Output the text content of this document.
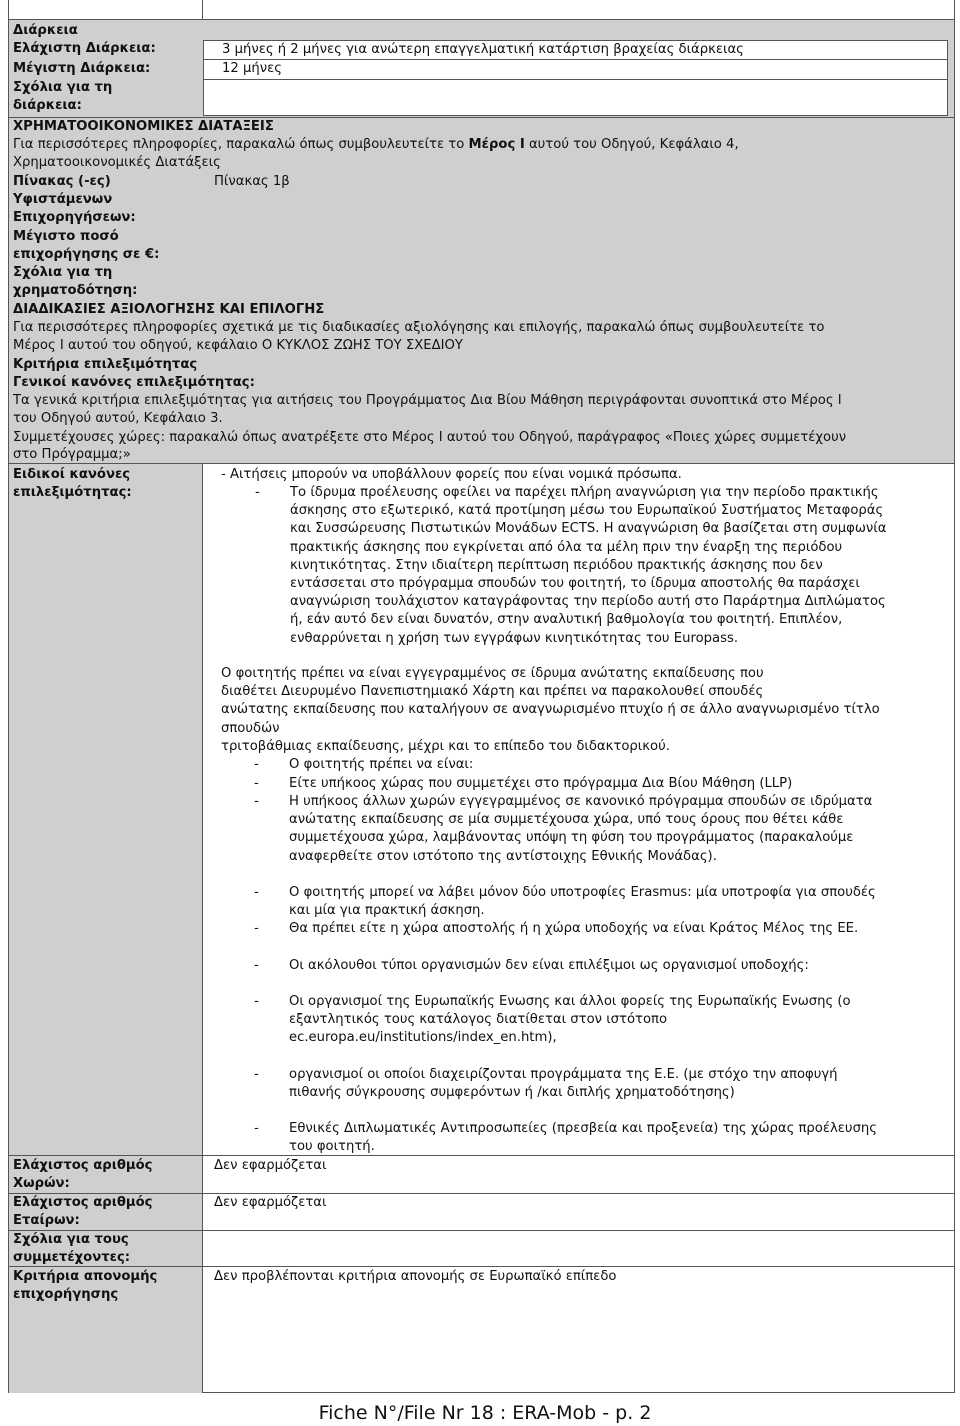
Διάρκεια
Ελάχιστη Διάρκεια:
Μέγιστη Διάρκεια:
Σχόλια για τη
διάρκεια:
3 μήνες ή 2 μήνες για ανώτερη επαγγελματική κατάρτιση βραχείας διάρκειας
12 μήνες
ΧΡΗΜΑΤΟΟΙΚΟΝΟΜΙΚΕΣ ΔΙΑΤΑΞΕΙΣ
Για περισσότερες πληροφορίες, παρακαλώ όπως συμβουλευτείτε το Μέρος Ι αυτού του Οδηγού, Κεφάλαιο 4,
Χρηματοοικονομικές Διατάξεις
Πίνακας (-ες)
Υφιστάμενων
Επιχορηγήσεων:
Πίνακας 1β
Μέγιστο ποσό
επιχορήγησης σε €:
Σχόλια για τη
χρηματοδότηση:
ΔΙΑΔΙΚΑΣΙΕΣ ΑΞΙΟΛΟΓΗΣΗΣ ΚΑΙ ΕΠΙΛΟΓΗΣ
Για περισσότερες πληροφορίες σχετικά με τις διαδικασίες αξιολόγησης και επιλογής, παρακαλώ όπως συμβουλευτείτε το
Μέρος Ι αυτού του οδηγού, κεφάλαιο Ο ΚΥΚΛΟΣ ΖΩΗΣ ΤΟΥ ΣΧΕΔΙΟΥ
Κριτήρια επιλεξιμότητας
Γενικοί κανόνες επιλεξιμότητας:
Τα γενικά κριτήρια επιλεξιμότητας για αιτήσεις του Προγράμματος Δια Βίου Μάθηση περιγράφονται συνοπτικά στο Μέρος Ι
του Οδηγού αυτού, Κεφάλαιο 3.
Συμμετέχουσες χώρες: παρακαλώ όπως ανατρέξετε στο Μέρος Ι αυτού του Οδηγού, παράγραφος «Ποιες χώρες συμμετέχουν
στο Πρόγραμμα;»
Ειδικοί κανόνες
επιλεξιμότητας:
- Αιτήσεις μπορούν να υποβάλλουν φορείς που είναι νομικά πρόσωπα.
- Το ίδρυμα προέλευσης οφείλει να παρέχει πλήρη αναγνώριση για την περίοδο πρακτικής
άσκησης στο εξωτερικό, κατά προτίμηση μέσω του Ευρωπαϊκού Συστήματος Μεταφοράς
και Συσσώρευσης Πιστωτικών Μονάδων ECTS. Η αναγνώριση θα βασίζεται στη συμφωνία
πρακτικής άσκησης που εγκρίνεται από όλα τα μέλη πριν την έναρξη της περιόδου
κινητικότητας. Στην ιδιαίτερη περίπτωση περιόδου πρακτικής άσκησης που δεν
εντάσσεται στο πρόγραμμα σπουδών του φοιτητή, το ίδρυμα αποστολής θα παράσχει
αναγνώριση τουλάχιστον καταγράφοντας την περίοδο αυτή στο Παράρτημα Διπλώματος
ή, εάν αυτό δεν είναι δυνατόν, στην αναλυτική βαθμολογία του φοιτητή. Επιπλέον,
ενθαρρύνεται η χρήση των εγγράφων κινητικότητας του Europass.
Ο φοιτητής πρέπει να είναι εγγεγραμμένος σε ίδρυμα ανώτατης εκπαίδευσης που
διαθέτει Διευρυμένο Πανεπιστημιακό Χάρτη και πρέπει να παρακολουθεί σπουδές
ανώτατης εκπαίδευσης που καταλήγουν σε αναγνωρισμένο πτυχίο ή σε άλλο αναγνωρισμένο τίτλο
σπουδών
τριτοβάθμιας εκπαίδευσης, μέχρι και το επίπεδο του διδακτορικού.
- Ο φοιτητής πρέπει να είναι:
- Είτε υπήκοος χώρας που συμμετέχει στο πρόγραμμα Δια Βίου Μάθηση (LLP)
- Η υπήκοος άλλων χωρών εγγεγραμμένος σε κανονικό πρόγραμμα σπουδών σε ιδρύματα
ανώτατης εκπαίδευσης σε μία συμμετέχουσα χώρα, υπό τους όρους που θέτει κάθε
συμμετέχουσα χώρα, λαμβάνοντας υπόψη τη φύση του προγράμματος (παρακαλούμε
αναφερθείτε στον ιστότοπο της αντίστοιχης Εθνικής Μονάδας).
- Ο φοιτητής μπορεί να λάβει μόνον δύο υποτροφίες Erasmus: μία υποτροφία για σπουδές
και μία για πρακτική άσκηση.
- Θα πρέπει είτε η χώρα αποστολής ή η χώρα υποδοχής να είναι Κράτος Μέλος της ΕΕ.
- Οι ακόλουθοι τύποι οργανισμών δεν είναι επιλέξιμοι ως οργανισμοί υποδοχής:
- Οι οργανισμοί της Ευρωπαϊκής Ενωσης και άλλοι φορείς της Ευρωπαϊκής Ενωσης (ο
εξαντλητικός τους κατάλογος διατίθεται στον ιστότοπο
ec.europa.eu/institutions/index_en.htm),
- οργανισμοί οι οποίοι διαχειρίζονται προγράμματα της Ε.Ε. (με στόχο την αποφυγή
πιθανής σύγκρουσης συμφερόντων ή /και διπλής χρηματοδότησης)
- Εθνικές Διπλωματικές Αντιπροσωπείες (πρεσβεία και προξενεία) της χώρας προέλευσης
του φοιτητή.
Ελάχιστος αριθμός
Χωρών:
Δεν εφαρμόζεται
Ελάχιστος αριθμός
Εταίρων:
Δεν εφαρμόζεται
Σχόλια για τους
συμμετέχοντες:
Κριτήρια απονομής
επιχορήγησης
Δεν προβλέπονται κριτήρια απονομής σε Ευρωπαϊκό επίπεδο
Fiche N°/File Nr 18 : ERA-Mob - p. 2
